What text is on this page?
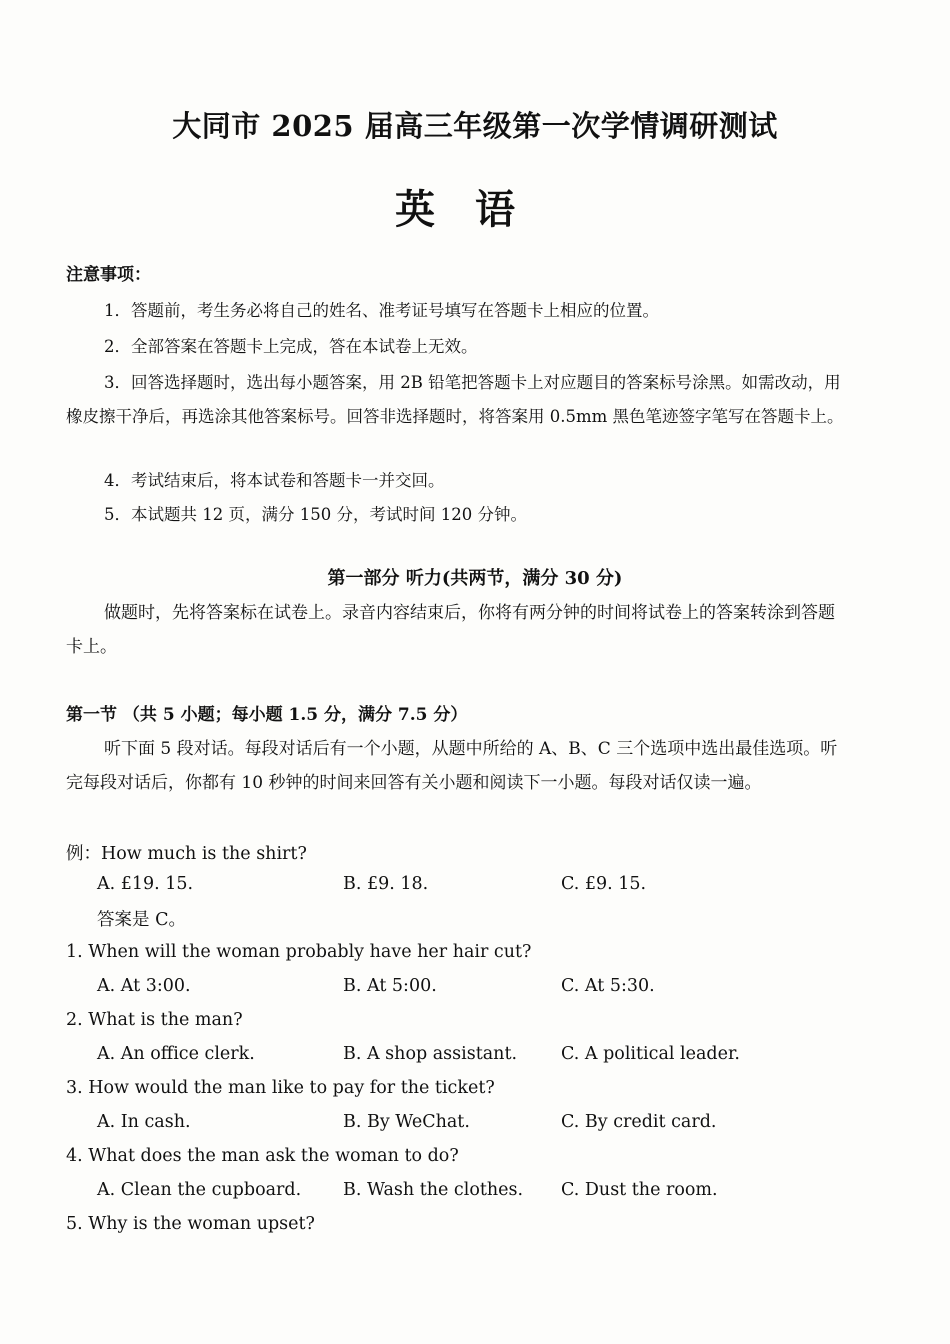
大同市 2025 届高三年级第一次学情调研测试
英语
注意事项：
1．答题前，考生务必将自己的姓名、准考证号填写在答题卡上相应的位置。
2．全部答案在答题卡上完成，答在本试卷上无效。
3．回答选择题时，选出每小题答案，用 2B 铅笔把答题卡上对应题目的答案标号涂黑。如需改动，用橡皮擦干净后，再选涂其他答案标号。回答非选择题时，将答案用 0.5mm 黑色笔迹签字笔写在答题卡上。
4．考试结束后，将本试卷和答题卡一并交回。
5．本试题共 12 页，满分 150 分，考试时间 120 分钟。
第一部分 听力(共两节，满分 30 分)
做题时，先将答案标在试卷上。录音内容结束后，你将有两分钟的时间将试卷上的答案转涂到答题卡上。
第一节 （共 5 小题；每小题 1.5 分，满分 7.5 分）
听下面 5 段对话。每段对话后有一个小题，从题中所给的 A、B、C 三个选项中选出最佳选项。听完每段对话后，你都有 10 秒钟的时间来回答有关小题和阅读下一小题。每段对话仅读一遍。
例：How much is the shirt?
A. £19. 15.	B. £9. 18.	C. £9. 15.
答案是 C。
1. When will the woman probably have her hair cut?
A. At 3:00.	B. At 5:00.	C. At 5:30.
2. What is the man?
A. An office clerk.	B. A shop assistant.	C. A political leader.
3. How would the man like to pay for the ticket?
A. In cash.	B. By WeChat.	C. By credit card.
4. What does the man ask the woman to do?
A. Clean the cupboard. B. Wash the clothes. C. Dust the room.
5. Why is the woman upset?
